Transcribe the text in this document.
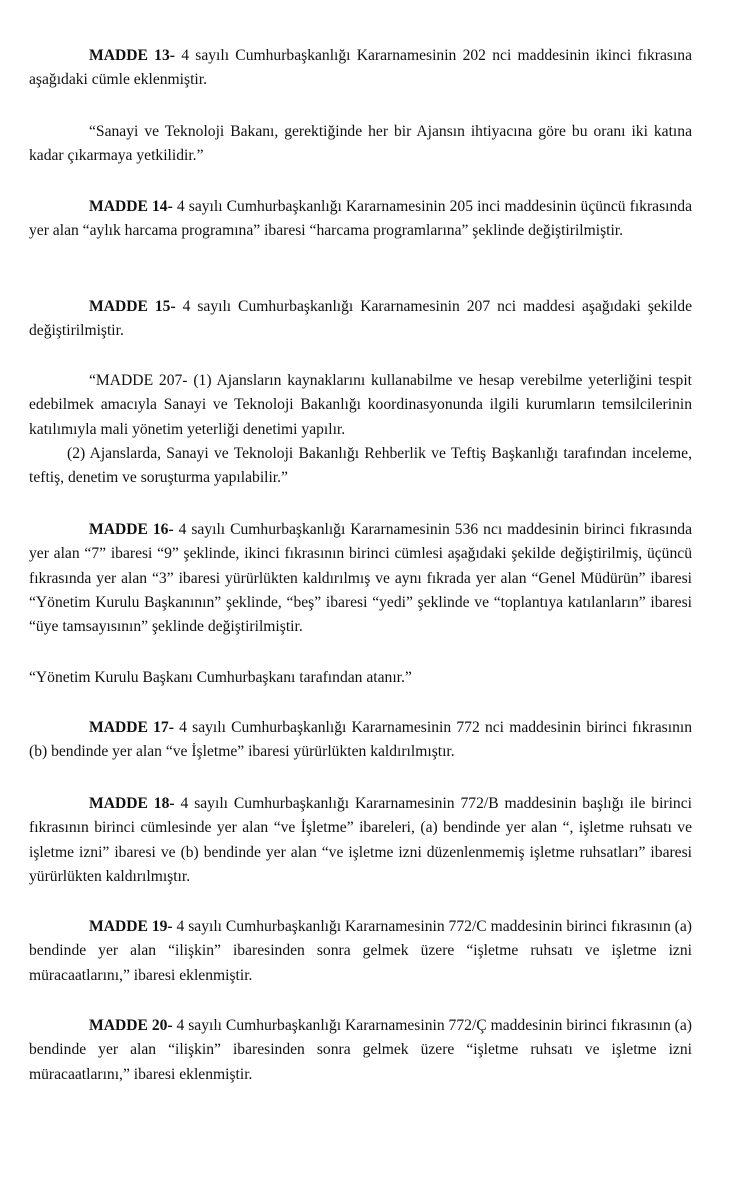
MADDE 13- 4 sayılı Cumhurbaşkanlığı Kararnamesinin 202 nci maddesinin ikinci fıkrasına aşağıdaki cümle eklenmiştir.

“Sanayi ve Teknoloji Bakanı, gerektiğinde her bir Ajansın ihtiyacına göre bu oranı iki katına kadar çıkarmaya yetkilidir.”

MADDE 14- 4 sayılı Cumhurbaşkanlığı Kararnamesinin 205 inci maddesinin üçüncü fıkrasında yer alan “aylık harcama programına” ibaresi “harcama programlarına” şeklinde değiştirilmiştir.

MADDE 15- 4 sayılı Cumhurbaşkanlığı Kararnamesinin 207 nci maddesi aşağıdaki şekilde değiştirilmiştir.

“MADDE 207- (1) Ajansların kaynaklarını kullanabilme ve hesap verebilme yeterliğini tespit edebilmek amacıyla Sanayi ve Teknoloji Bakanlığı koordinasyonunda ilgili kurumların temsilcilerinin katılımıyla mali yönetim yeterliği denetimi yapılır.
(2) Ajanslarda, Sanayi ve Teknoloji Bakanlığı Rehberlik ve Teftiş Başkanlığı tarafından inceleme, teftiş, denetim ve soruşturma yapılabilir.”

MADDE 16- 4 sayılı Cumhurbaşkanlığı Kararnamesinin 536 ncı maddesinin birinci fıkrasında yer alan “7” ibaresi “9” şeklinde, ikinci fıkrasının birinci cümlesi aşağıdaki şekilde değiştirilmiş, üçüncü fıkrasında yer alan “3” ibaresi yürürlükten kaldırılmış ve aynı fıkrada yer alan “Genel Müdürün” ibaresi “Yönetim Kurulu Başkanının” şeklinde, “beş” ibaresi “yedi” şeklinde ve “toplantıya katılanların” ibaresi “üye tamsayısının” şeklinde değiştirilmiştir.

“Yönetim Kurulu Başkanı Cumhurbaşkanı tarafından atanır.”

MADDE 17- 4 sayılı Cumhurbaşkanlığı Kararnamesinin 772 nci maddesinin birinci fıkrasının (b) bendinde yer alan “ve İşletme” ibaresi yürürlükten kaldırılmıştır.

MADDE 18- 4 sayılı Cumhurbaşkanlığı Kararnamesinin 772/B maddesinin başlığı ile birinci fıkrasının birinci cümlesinde yer alan “ve İşletme” ibareleri, (a) bendinde yer alan “, işletme ruhsatı ve işletme izni” ibaresi ve (b) bendinde yer alan “ve işletme izni düzenlenmemiş işletme ruhsatları” ibaresi yürürlükten kaldırılmıştır.

MADDE 19- 4 sayılı Cumhurbaşkanlığı Kararnamesinin 772/C maddesinin birinci fıkrasının (a) bendinde yer alan “ilişkin” ibaresinden sonra gelmek üzere “işletme ruhsatı ve işletme izni müracaatlarını,” ibaresi eklenmiştir.

MADDE 20- 4 sayılı Cumhurbaşkanlığı Kararnamesinin 772/Ç maddesinin birinci fıkrasının (a) bendinde yer alan “ilişkin” ibaresinden sonra gelmek üzere “işletme ruhsatı ve işletme izni müracaatlarını,” ibaresi eklenmiştir.
